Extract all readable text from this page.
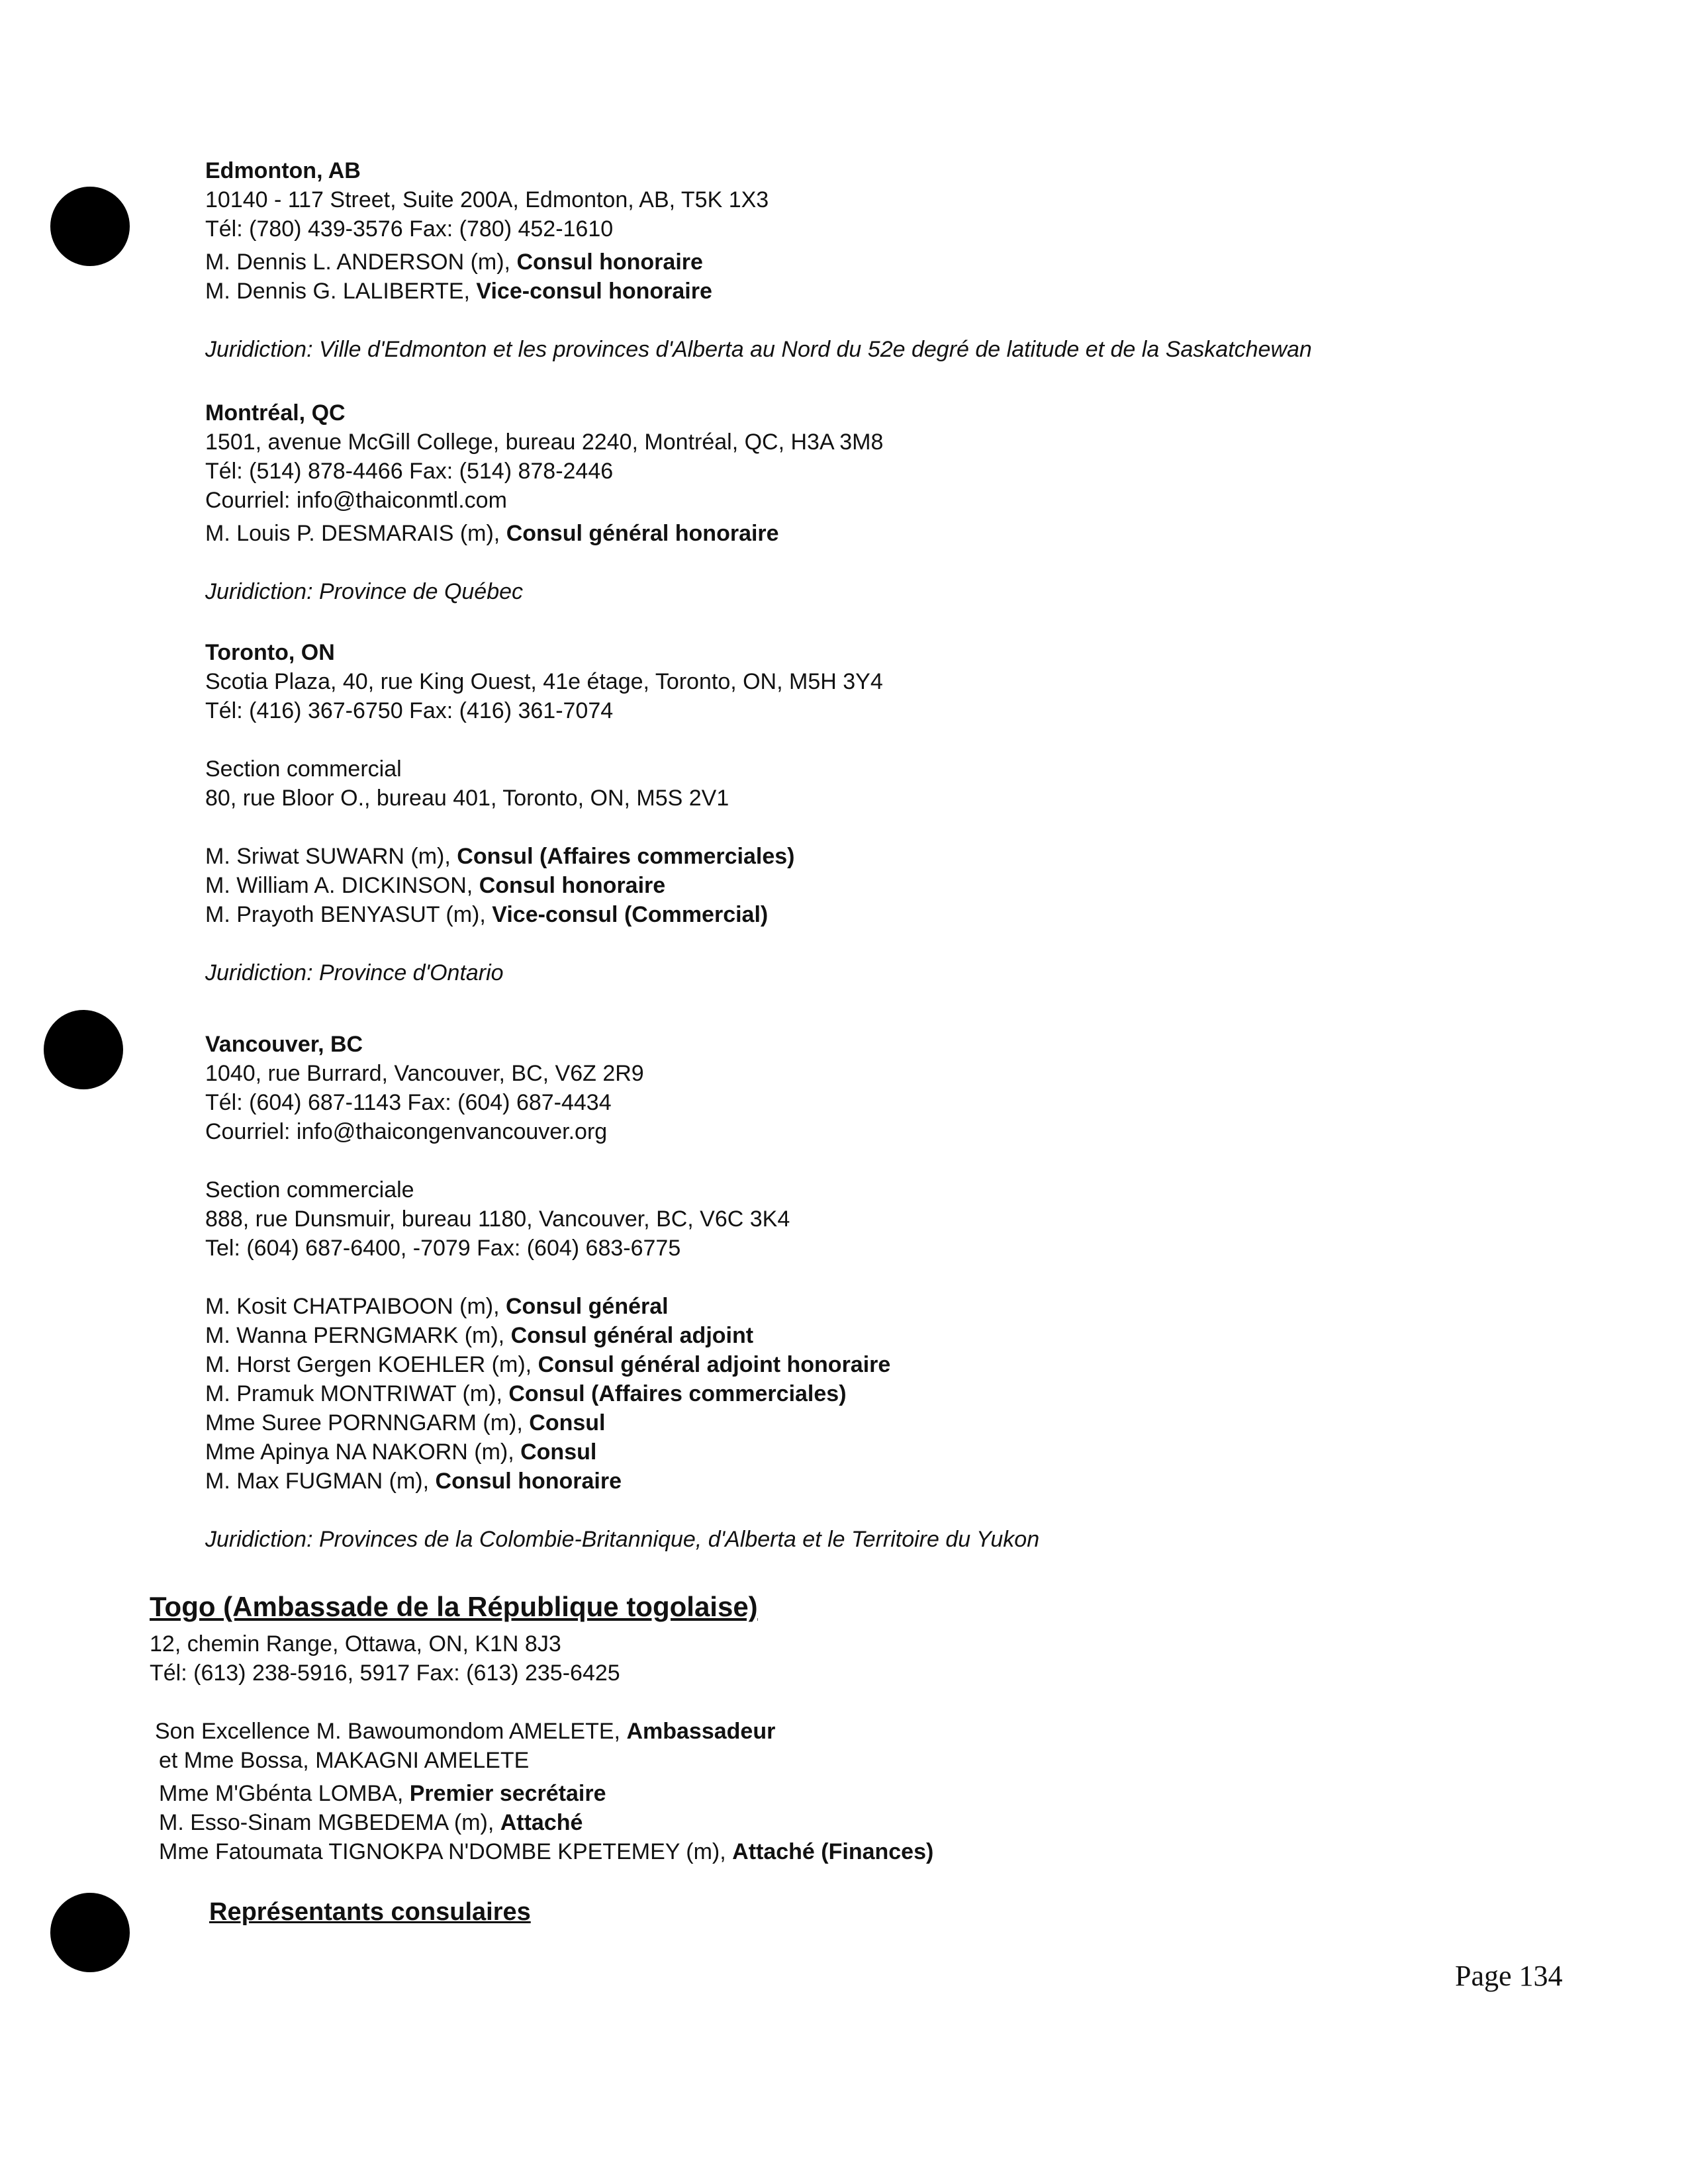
Edmonton, AB
10140 - 117 Street, Suite 200A, Edmonton, AB, T5K 1X3
Tél: (780) 439-3576 Fax: (780) 452-1610
M. Dennis L. ANDERSON (m), Consul honoraire
M. Dennis G. LALIBERTE, Vice-consul honoraire
Juridiction: Ville d'Edmonton et les provinces d'Alberta au Nord du 52e degré de latitude et de la Saskatchewan
Montréal, QC
1501, avenue McGill College, bureau 2240, Montréal, QC, H3A 3M8
Tél: (514) 878-4466 Fax: (514) 878-2446
Courriel: info@thaiconmtl.com
M. Louis P. DESMARAIS (m), Consul général honoraire
Juridiction: Province de Québec
Toronto, ON
Scotia Plaza, 40, rue King Ouest, 41e étage, Toronto, ON, M5H 3Y4
Tél: (416) 367-6750 Fax: (416) 361-7074
Section commercial
80, rue Bloor O., bureau 401, Toronto, ON, M5S 2V1
M. Sriwat SUWARN (m), Consul (Affaires commerciales)
M. William A. DICKINSON, Consul honoraire
M. Prayoth BENYASUT (m), Vice-consul (Commercial)
Juridiction: Province d'Ontario
Vancouver, BC
1040, rue Burrard, Vancouver, BC, V6Z 2R9
Tél: (604) 687-1143 Fax: (604) 687-4434
Courriel: info@thaicongenvancouver.org
Section commerciale
888, rue Dunsmuir, bureau 1180, Vancouver, BC, V6C 3K4
Tel: (604) 687-6400, -7079 Fax: (604) 683-6775
M. Kosit CHATPAIBOON (m), Consul général
M. Wanna PERNGMARK (m), Consul général adjoint
M. Horst Gergen KOEHLER (m), Consul général adjoint honoraire
M. Pramuk MONTRIWAT (m), Consul (Affaires commerciales)
Mme Suree PORNNGARM (m), Consul
Mme Apinya NA NAKORN (m), Consul
M. Max FUGMAN (m), Consul honoraire
Juridiction: Provinces de la Colombie-Britannique, d'Alberta et le Territoire du Yukon
Togo (Ambassade de la République togolaise)
12, chemin Range, Ottawa, ON, K1N 8J3
Tél: (613) 238-5916, 5917 Fax: (613) 235-6425
Son Excellence M. Bawoumondom AMELETE, Ambassadeur
et Mme Bossa, MAKAGNI AMELETE
Mme M'Gbénta LOMBA, Premier secrétaire
M. Esso-Sinam MGBEDEMA (m), Attaché
Mme Fatoumata TIGNOKPA N'DOMBE KPETEMEY (m), Attaché (Finances)
Représentants consulaires
Page 134
